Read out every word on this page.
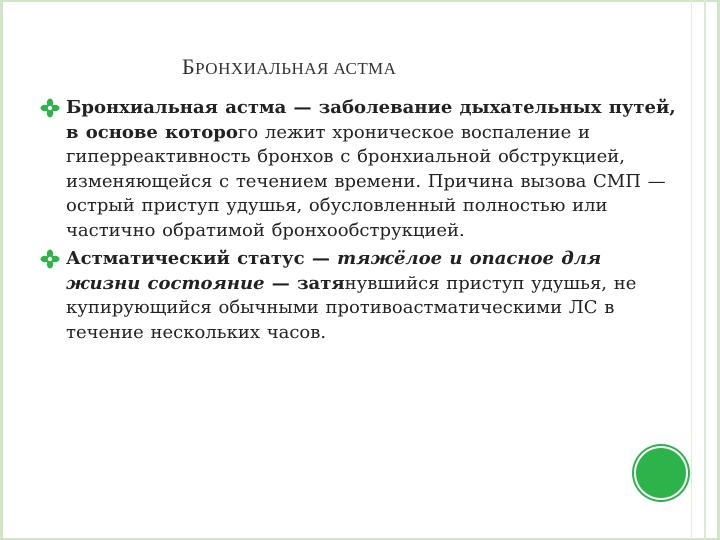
БРОНХИАЛЬНАЯ АСТМА
Бронхиальная астма — заболевание дыхательных путей, в основе которого лежит хроническое воспаление и гиперреактивность бронхов с бронхиальной обструкцией, изменяющейся с течением времени. Причина вызова СМП — острый приступ удушья, обусловленный полностью или частично обратимой бронхообструкцией.
Астматический статус — тяжёлое и опасное для жизни состояние — затянувшийся приступ удушья, не купирующийся обычными противоастматическими ЛС в течение нескольких часов.
